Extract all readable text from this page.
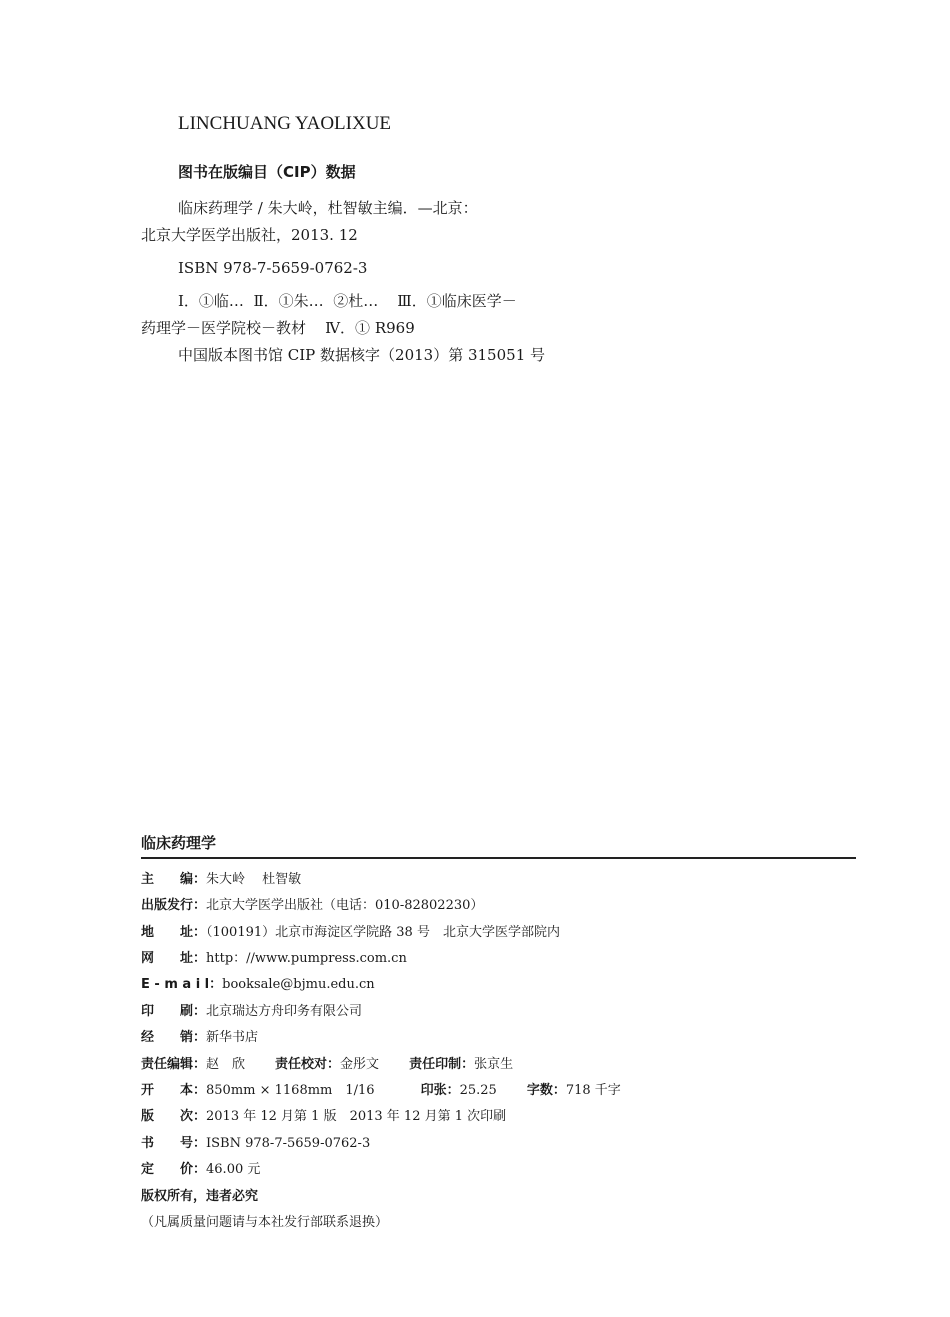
LINCHUANG YAOLIXUE
图书在版编目（CIP）数据
临床药理学 / 朱大岭，杜智敏主编．—北京：
北京大学医学出版社，2013. 12
ISBN 978-7-5659-0762-3
Ⅰ．①临…  Ⅱ．①朱…  ②杜…    Ⅲ．①临床医学－
药理学－医学院校－教材    Ⅳ．① R969
中国版本图书馆 CIP 数据核字（2013）第 315051 号
临床药理学
主　　编：朱大岭　 杜智敏
出版发行：北京大学医学出版社（电话：010-82802230）
地　　址：（100191）北京市海淀区学院路 38 号　北京大学医学部院内
网　　址：http：//www.pumpress.com.cn
E - m a i l：booksale@bjmu.edu.cn
印　　刷：北京瑞达方舟印务有限公司
经　　销：新华书店
责任编辑：赵　欣 责任校对：金彤文 责任印制：张京生
开　　本：850mm × 1168mm　1/16	印张：25.25 字数：718 千字
版　　次：2013 年 12 月第 1 版　2013 年 12 月第 1 次印刷
书　　号：ISBN 978-7-5659-0762-3
定　　价：46.00 元
版权所有，违者必究
（凡属质量问题请与本社发行部联系退换）
